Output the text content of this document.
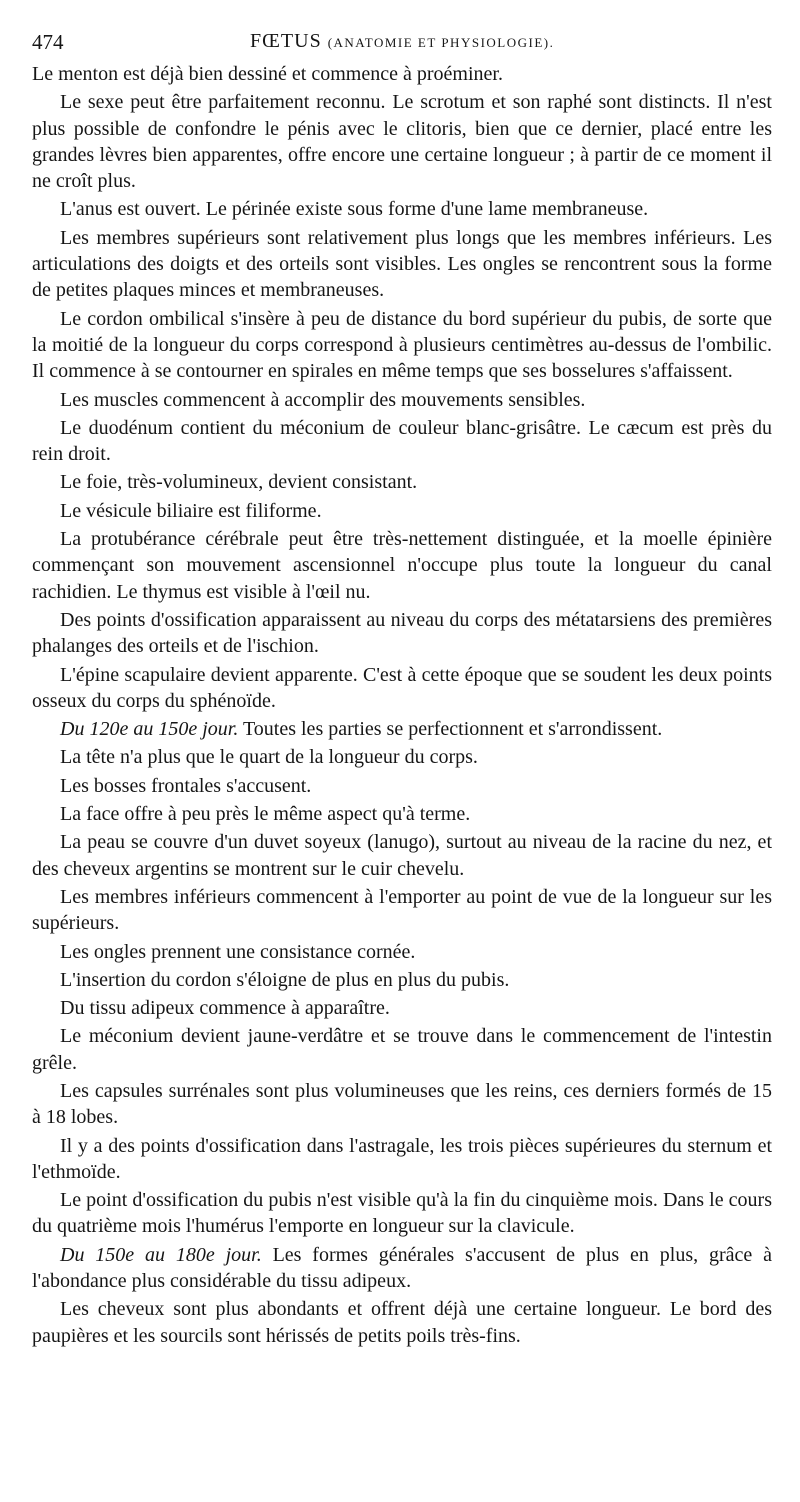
474	FŒTUS (ANATOMIE ET PHYSIOLOGIE).

Le menton est déjà bien dessiné et commence à proéminer.

Le sexe peut être parfaitement reconnu. Le scrotum et son raphé sont distincts. Il n'est plus possible de confondre le pénis avec le clitoris, bien que ce dernier, placé entre les grandes lèvres bien apparentes, offre encore une certaine longueur ; à partir de ce moment il ne croît plus.

L'anus est ouvert. Le périnée existe sous forme d'une lame membraneuse.

Les membres supérieurs sont relativement plus longs que les membres inférieurs. Les articulations des doigts et des orteils sont visibles. Les ongles se rencontrent sous la forme de petites plaques minces et membraneuses.

Le cordon ombilical s'insère à peu de distance du bord supérieur du pubis, de sorte que la moitié de la longueur du corps correspond à plusieurs centimètres au-dessus de l'ombilic. Il commence à se contourner en spirales en même temps que ses bosselures s'affaissent.

Les muscles commencent à accomplir des mouvements sensibles.

Le duodénum contient du méconium de couleur blanc-grisâtre. Le cæcum est près du rein droit.

Le foie, très-volumineux, devient consistant.

Le vésicule biliaire est filiforme.

La protubérance cérébrale peut être très-nettement distinguée, et la moelle épinière commençant son mouvement ascensionnel n'occupe plus toute la longueur du canal rachidien. Le thymus est visible à l'œil nu.

Des points d'ossification apparaissent au niveau du corps des métatarsiens des premières phalanges des orteils et de l'ischion.

L'épine scapulaire devient apparente. C'est à cette époque que se soudent les deux points osseux du corps du sphénoïde.

Du 120e au 150e jour. Toutes les parties se perfectionnent et s'arrondissent.

La tête n'a plus que le quart de la longueur du corps.

Les bosses frontales s'accusent.

La face offre à peu près le même aspect qu'à terme.

La peau se couvre d'un duvet soyeux (lanugo), surtout au niveau de la racine du nez, et des cheveux argentins se montrent sur le cuir chevelu.

Les membres inférieurs commencent à l'emporter au point de vue de la longueur sur les supérieurs.

Les ongles prennent une consistance cornée.

L'insertion du cordon s'éloigne de plus en plus du pubis.

Du tissu adipeux commence à apparaître.

Le méconium devient jaune-verdâtre et se trouve dans le commencement de l'intestin grêle.

Les capsules surrénales sont plus volumineuses que les reins, ces derniers formés de 15 à 18 lobes.

Il y a des points d'ossification dans l'astragale, les trois pièces supérieures du sternum et l'ethmoïde.

Le point d'ossification du pubis n'est visible qu'à la fin du cinquième mois. Dans le cours du quatrième mois l'humérus l'emporte en longueur sur la clavicule.

Du 150e au 180e jour. Les formes générales s'accusent de plus en plus, grâce à l'abondance plus considérable du tissu adipeux.

Les cheveux sont plus abondants et offrent déjà une certaine longueur. Le bord des paupières et les sourcils sont hérissés de petits poils très-fins.
